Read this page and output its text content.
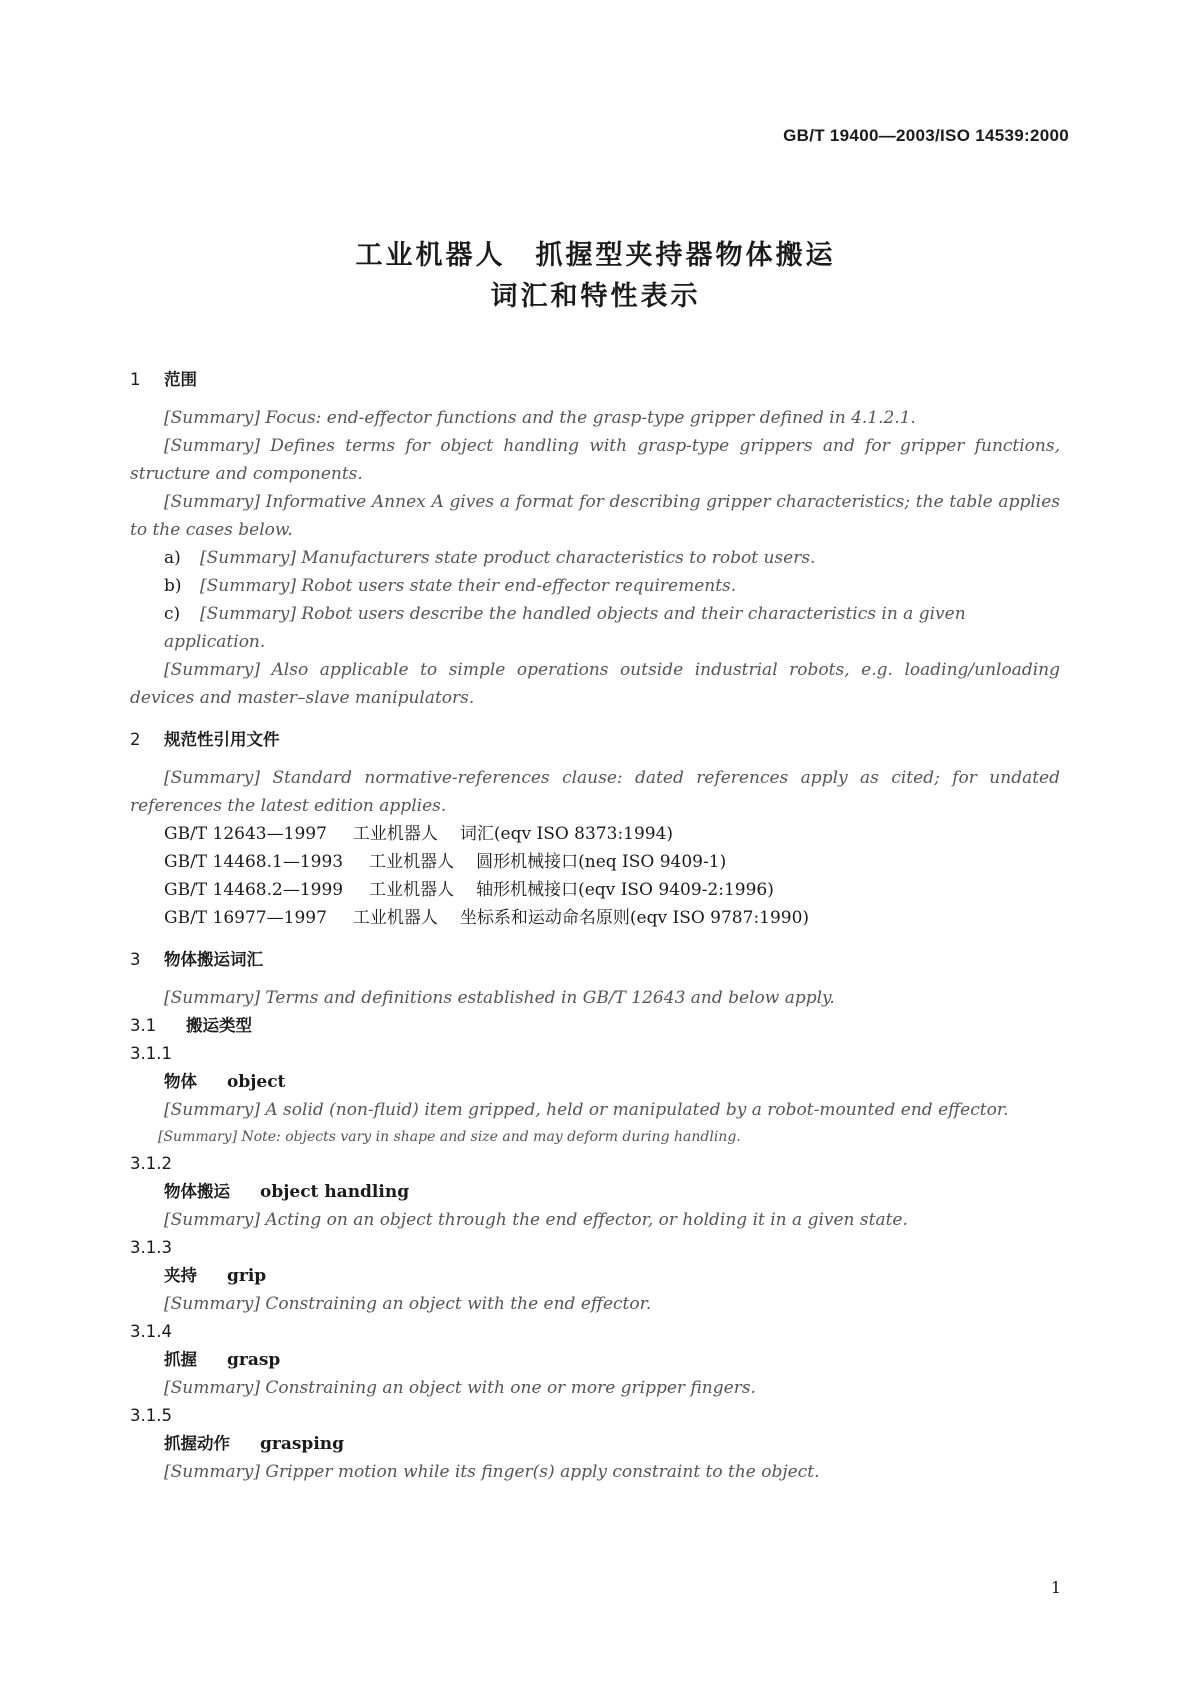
GB/T 19400—2003/ISO 14539:2000
工业机器人　抓握型夹持器物体搬运
词汇和特性表示

1 范围

[Summary] Focus: end-effector functions and the grasp-type gripper defined in 4.1.2.1.

[Summary] Defines terms for object handling with grasp-type grippers and for gripper functions, structure and components.

[Summary] Informative Annex A gives a format for describing gripper characteristics; the table applies to the cases below.

a) [Summary] Manufacturers state product characteristics to robot users.

b) [Summary] Robot users state their end-effector requirements.

c) [Summary] Robot users describe the handled objects and their characteristics in a given application.

[Summary] Also applicable to simple operations outside industrial robots, e.g. loading/unloading devices and master–slave manipulators.

2 规范性引用文件

[Summary] Standard normative-references clause: dated references apply as cited; for undated references the latest edition applies.

GB/T 12643—1997 工业机器人 词汇(eqv ISO 8373:1994)

GB/T 14468.1—1993 工业机器人 圆形机械接口(neq ISO 9409-1)

GB/T 14468.2—1999 工业机器人 轴形机械接口(eqv ISO 9409-2:1996)

GB/T 16977—1997 工业机器人 坐标系和运动命名原则(eqv ISO 9787:1990)

3 物体搬运词汇

[Summary] Terms and definitions established in GB/T 12643 and below apply.

3.1 搬运类型

3.1.1

物体 object

[Summary] A solid (non-fluid) item gripped, held or manipulated by a robot-mounted end effector.

[Summary] Note: objects vary in shape and size and may deform during handling.

3.1.2

物体搬运 object handling

[Summary] Acting on an object through the end effector, or holding it in a given state.

3.1.3

夹持 grip

[Summary] Constraining an object with the end effector.

3.1.4

抓握 grasp

[Summary] Constraining an object with one or more gripper fingers.

3.1.5

抓握动作 grasping

[Summary] Gripper motion while its finger(s) apply constraint to the object.

1
